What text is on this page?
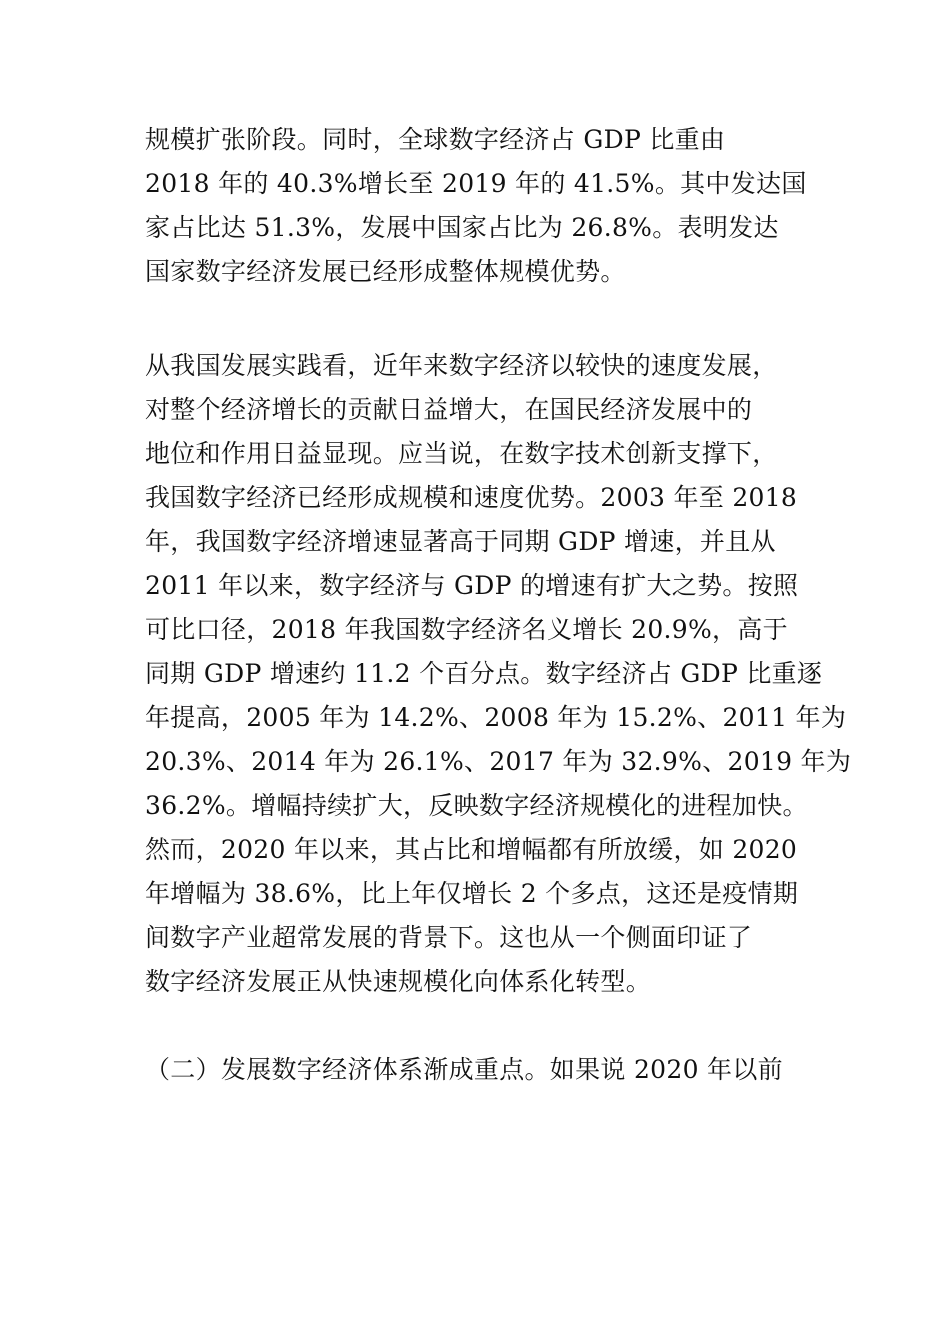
规模扩张阶段。同时，全球数字经济占 GDP 比重由
2018 年的 40.3%增长至 2019 年的 41.5%。其中发达国
家占比达 51.3%，发展中国家占比为 26.8%。表明发达
国家数字经济发展已经形成整体规模优势。

从我国发展实践看，近年来数字经济以较快的速度发展，
对整个经济增长的贡献日益增大，在国民经济发展中的
地位和作用日益显现。应当说，在数字技术创新支撑下，
我国数字经济已经形成规模和速度优势。2003 年至 2018
年，我国数字经济增速显著高于同期 GDP 增速，并且从
2011 年以来，数字经济与 GDP 的增速有扩大之势。按照
可比口径，2018 年我国数字经济名义增长 20.9%，高于
同期 GDP 增速约 11.2 个百分点。数字经济占 GDP 比重逐
年提高，2005 年为 14.2%、2008 年为 15.2%、2011 年为
20.3%、2014 年为 26.1%、2017 年为 32.9%、2019 年为
36.2%。增幅持续扩大，反映数字经济规模化的进程加快。
然而，2020 年以来，其占比和增幅都有所放缓，如 2020
年增幅为 38.6%，比上年仅增长 2 个多点，这还是疫情期
间数字产业超常发展的背景下。这也从一个侧面印证了
数字经济发展正从快速规模化向体系化转型。

（二）发展数字经济体系渐成重点。如果说 2020 年以前
